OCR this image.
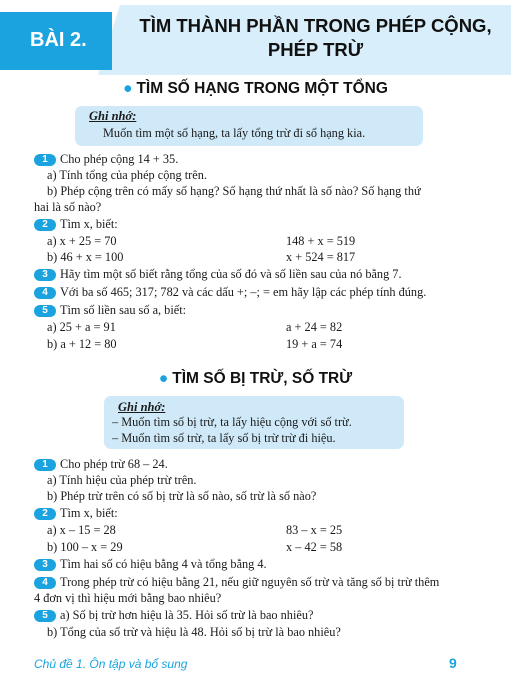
BÀI 2.
TÌM THÀNH PHẦN TRONG PHÉP CỘNG,
PHÉP TRỪ
● TÌM SỐ HẠNG TRONG MỘT TỔNG
Ghi nhớ:
Muốn tìm một số hạng, ta lấy tổng trừ đi số hạng kia.
1 Cho phép cộng 14 + 35.
a) Tính tổng của phép cộng trên.
b) Phép cộng trên có mấy số hạng? Số hạng thứ nhất là số nào? Số hạng thứ
hai là số nào?
2 Tìm x, biết:
a) x + 25 = 70	148 + x = 519
b) 46 + x = 100	x + 524 = 817
3 Hãy tìm một số biết rằng tổng của số đó và số liền sau của nó bằng 7.
4 Với ba số 465; 317; 782 và các dấu +; –; = em hãy lập các phép tính đúng.
5 Tìm số liền sau số a, biết:
a) 25 + a = 91	a + 24 = 82
b) a + 12 = 80	19 + a = 74
● TÌM SỐ BỊ TRỪ, SỐ TRỪ
Ghi nhớ:
– Muốn tìm số bị trừ, ta lấy hiệu cộng với số trừ.
– Muốn tìm số trừ, ta lấy số bị trừ trừ đi hiệu.
1 Cho phép trừ 68 – 24.
a) Tính hiệu của phép trừ trên.
b) Phép trừ trên có số bị trừ là số nào, số trừ là số nào?
2 Tìm x, biết:
a) x – 15 = 28	83 – x = 25
b) 100 – x = 29	x – 42 = 58
3 Tìm hai số có hiệu bằng 4 và tổng bằng 4.
4 Trong phép trừ có hiệu bằng 21, nếu giữ nguyên số trừ và tăng số bị trừ thêm
4 đơn vị thì hiệu mới bằng bao nhiêu?
5 a) Số bị trừ hơn hiệu là 35. Hỏi số trừ là bao nhiêu?
b) Tổng của số trừ và hiệu là 48. Hỏi số bị trừ là bao nhiêu?
Chủ đề 1. Ôn tập và bổ sung	9
